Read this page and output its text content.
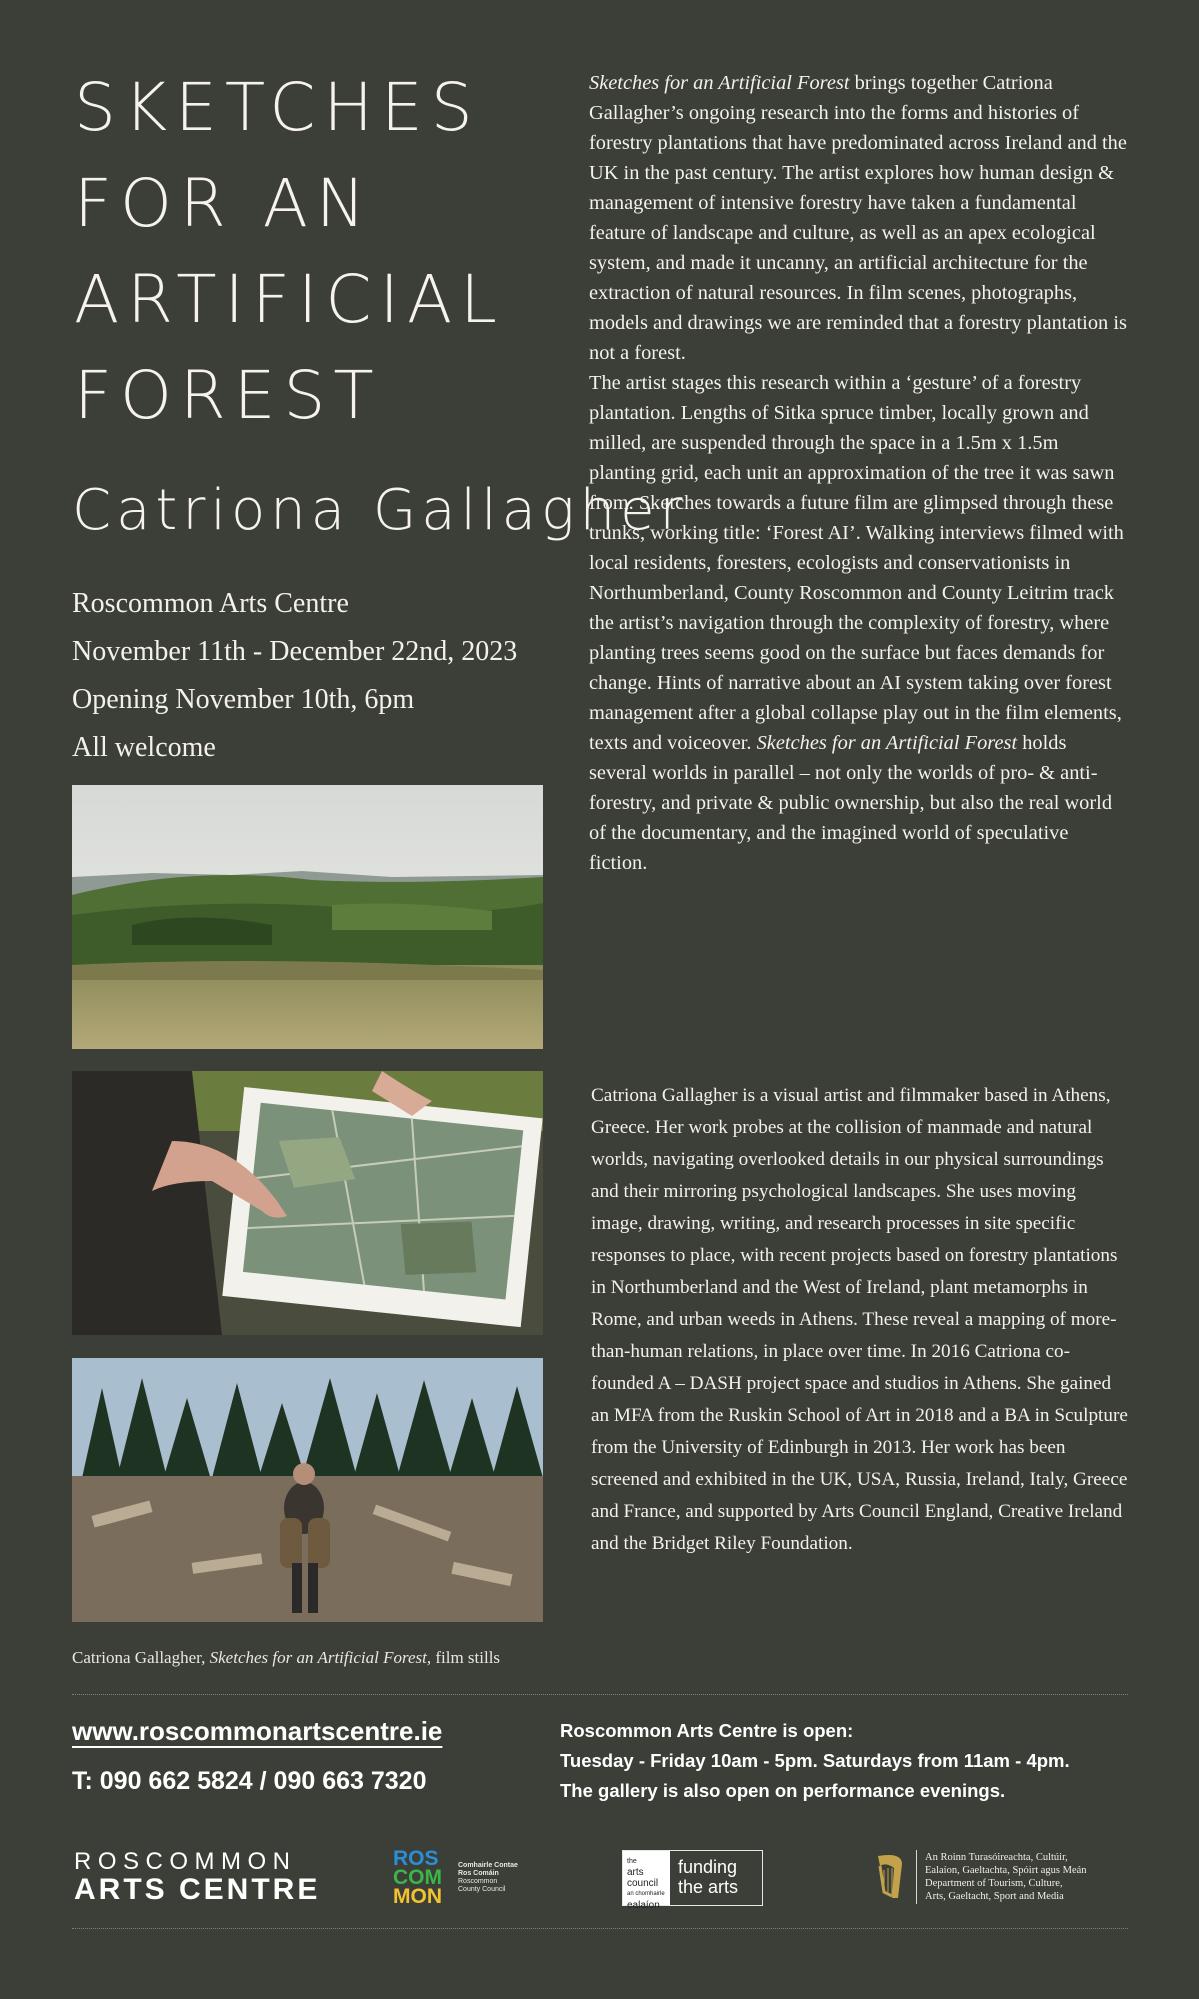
SKETCHES
FOR AN
ARTIFICIAL
FOREST
Catriona Gallagher
Roscommon Arts Centre
November 11th - December 22nd, 2023
Opening November 10th, 6pm
All welcome
Catriona Gallagher, Sketches for an Artificial Forest, film stills

Sketches for an Artificial Forest brings together Catriona Gallagher’s ongoing research into the forms and histories of forestry plantations that have predominated across Ireland and the UK in the past century. The artist explores how human design & management of intensive forestry have taken a fundamental feature of landscape and culture, as well as an apex ecological system, and made it uncanny, an artificial architecture for the extraction of natural resources. In film scenes, photographs, models and drawings we are reminded that a forestry plantation is not a forest.

The artist stages this research within a ‘gesture’ of a forestry plantation. Lengths of Sitka spruce timber, locally grown and milled, are suspended through the space in a 1.5m x 1.5m planting grid, each unit an approximation of the tree it was sawn from. Sketches towards a future film are glimpsed through these trunks, working title: ‘Forest AI’. Walking interviews filmed with local residents, foresters, ecologists and conservationists in Northumberland, County Roscommon and County Leitrim track the artist’s navigation through the complexity of forestry, where planting trees seems good on the surface but faces demands for change. Hints of narrative about an AI system taking over forest management after a global collapse play out in the film elements, texts and voiceover. Sketches for an Artificial Forest holds several worlds in parallel – not only the worlds of pro- & anti-forestry, and private & public ownership, but also the real world of the documentary, and the imagined world of speculative fiction.

Catriona Gallagher is a visual artist and filmmaker based in Athens, Greece. Her work probes at the collision of manmade and natural worlds, navigating overlooked details in our physical surroundings and their mirroring psychological landscapes. She uses moving image, drawing, writing, and research processes in site specific responses to place, with recent projects based on forestry plantations in Northumberland and the West of Ireland, plant metamorphs in Rome, and urban weeds in Athens. These reveal a mapping of more-than-human relations, in place over time. In 2016 Catriona co-founded A – DASH project space and studios in Athens. She gained an MFA from the Ruskin School of Art in 2018 and a BA in Sculpture from the University of Edinburgh in 2013. Her work has been screened and exhibited in the UK, USA, Russia, Ireland, Italy, Greece and France, and supported by Arts Council England, Creative Ireland and the Bridget Riley Foundation.

www.roscommonartscentre.ie
T: 090 662 5824 / 090 663 7320
Roscommon Arts Centre is open:
Tuesday - Friday 10am - 5pm. Saturdays from 11am - 4pm.
The gallery is also open on performance evenings.
ROSCOMMON
ARTS CENTRE
ROS
COM
MON
Comhairle Contae
Ros Comáin
Roscommon
County Council
the
arts
council
an chomhairle
ealaíon
funding
the arts
An Roinn Turasóireachta, Cultúir,
Ealaíon, Gaeltachta, Spóirt agus Meán
Department of Tourism, Culture,
Arts, Gaeltacht, Sport and Media
